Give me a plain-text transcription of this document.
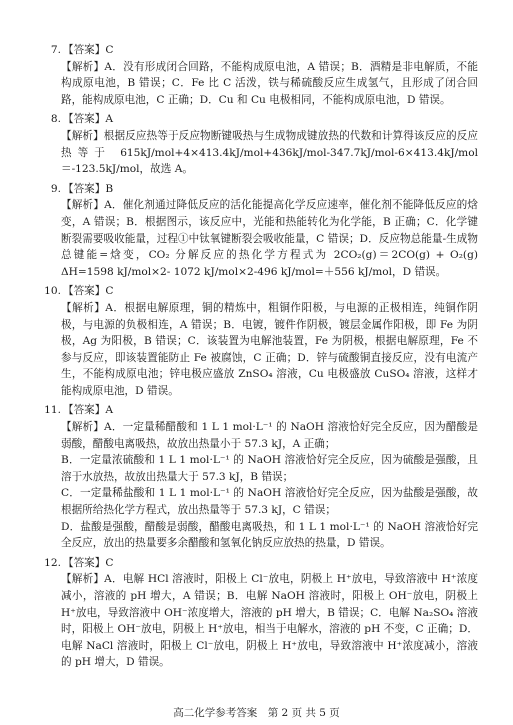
7. 【答案】C

【解析】A．没有形成闭合回路，不能构成原电池，A 错误；B．酒精是非电解质，不能构成原电池，B 错误；C．Fe 比 C 活泼，铁与稀硫酸反应生成氢气，且形成了闭合回路，能构成原电池，C 正确；D．Cu 和 Cu 电极相同，不能构成原电池，D 错误。

8. 【答案】A

【解析】根据反应热等于反应物断键吸热与生成物成键放热的代数和计算得该反应的反应热等于 615kJ/mol+4×413.4kJ/mol+436kJ/mol-347.7kJ/mol-6×413.4kJ/mol＝-123.5kJ/mol，故选 A。

9. 【答案】B

【解析】A．催化剂通过降低反应的活化能提高化学反应速率，催化剂不能降低反应的焓变，A 错误；B．根据图示，该反应中，光能和热能转化为化学能，B 正确；C．化学键断裂需要吸收能量，过程①中钛氧键断裂会吸收能量，C 错误；D．反应物总能量-生成物总键能=焓变，CO₂ 分解反应的热化学方程式为 2CO₂(g)＝2CO(g) + O₂(g)　ΔH=1598 kJ/mol×2- 1072 kJ/mol×2-496 kJ/mol=＋556 kJ/mol，D 错误。

10. 【答案】C

【解析】A．根据电解原理，铜的精炼中，粗铜作阳极，与电源的正极相连，纯铜作阴极，与电源的负极相连，A 错误；B．电镀，镀件作阴极，镀层金属作阳极，即 Fe 为阴极，Ag 为阳极，B 错误；C．该装置为电解池装置，Fe 为阴极，根据电解原理，Fe 不参与反应，即该装置能防止 Fe 被腐蚀，C 正确；D．锌与硫酸铜直接反应，没有电流产生，不能构成原电池；锌电极应盛放 ZnSO₄ 溶液，Cu 电极盛放 CuSO₄ 溶液，这样才能构成原电池，D 错误。

11. 【答案】A

【解析】A．一定量稀醋酸和 1 L 1 mol·L⁻¹ 的 NaOH 溶液恰好完全反应，因为醋酸是弱酸，醋酸电离吸热，故放出热量小于 57.3 kJ，A 正确；

B．一定量浓硫酸和 1 L 1 mol·L⁻¹ 的 NaOH 溶液恰好完全反应，因为硫酸是强酸，且溶于水放热，故放出热量大于 57.3 kJ，B 错误；

C．一定量稀盐酸和 1 L 1 mol·L⁻¹ 的 NaOH 溶液恰好完全反应，因为盐酸是强酸，故根据所给热化学方程式，放出热量等于 57.3 kJ，C 错误；

D．盐酸是强酸，醋酸是弱酸，醋酸电离吸热，和 1 L 1 mol·L⁻¹ 的 NaOH 溶液恰好完全反应，放出的热量要多余醋酸和氢氧化钠反应放热的热量，D 错误。

12. 【答案】C

【解析】A．电解 HCl 溶液时，阳极上 Cl⁻放电，阴极上 H⁺放电，导致溶液中 H⁺浓度减小，溶液的 pH 增大，A 错误；B．电解 NaOH 溶液时，阳极上 OH⁻放电，阴极上 H⁺放电，导致溶液中 OH⁻浓度增大，溶液的 pH 增大，B 错误；C．电解 Na₂SO₄ 溶液时，阳极上 OH⁻放电，阴极上 H⁺放电，相当于电解水，溶液的 pH 不变，C 正确；D．电解 NaCl 溶液时，阳极上 Cl⁻放电，阴极上 H⁺放电，导致溶液中 H⁺浓度减小，溶液的 pH 增大，D 错误。

高二化学参考答案　第 2 页 共 5 页
